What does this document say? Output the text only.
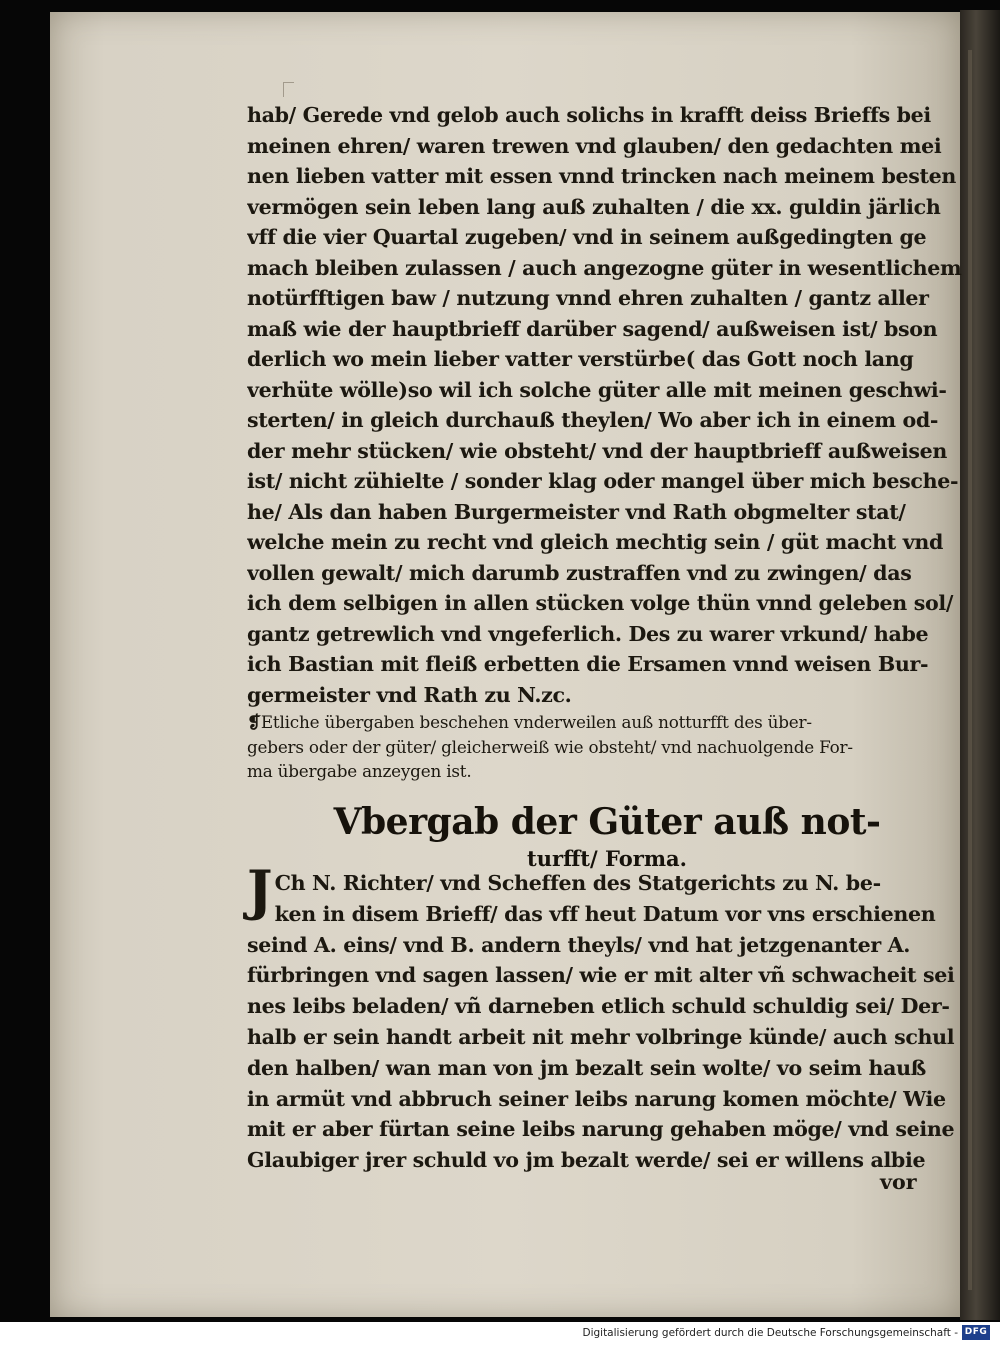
hab/ Gerede vnd gelob auch solichs in krafft deiss Brieffs bei
meinen ehren/ waren trewen vnd glauben/ den gedachten mei
nen lieben vatter mit essen vnnd trincken nach meinem besten
vermögen sein leben lang auß zuhalten / die xx. guldin järlich
vff die vier Quartal zugeben/ vnd in seinem außgedingten ge
mach bleiben zulassen / auch angezogne güter in wesentlichem
notürfftigen baw / nutzung vnnd ehren zuhalten / gantz aller
maß wie der hauptbrieff darüber sagend/ außweisen ist/ bson
derlich wo mein lieber vatter verstürbe( das Gott noch lang
verhüte wölle)so wil ich solche güter alle mit meinen geschwi-
sterten/ in gleich durchauß theylen/ Wo aber ich in einem od-
der mehr stücken/ wie obsteht/ vnd der hauptbrieff außweisen
ist/ nicht zühielte / sonder klag oder mangel über mich besche-
he/ Als dan haben Burgermeister vnd Rath obgmelter stat/
welche mein zu recht vnd gleich mechtig sein / güt macht vnd
vollen gewalt/ mich darumb zustraffen vnd zu zwingen/ das
ich dem selbigen in allen stücken volge thün vnnd geleben sol/
gantz getrewlich vnd vngeferlich. Des zu warer vrkund/ habe
ich Bastian mit fleiß erbetten die Ersamen vnnd weisen Bur-
germeister vnd Rath zu N.zc.
❡Etliche übergaben beschehen vnderweilen auß notturfft des über-
gebers oder der güter/ gleicherweiß wie obsteht/ vnd nachuolgende For-
ma übergabe anzeygen ist.
Vbergab der Güter auß not-
turfft/ Forma.
J Ch N. Richter/ vnd Scheffen des Statgerichts zu N. be-
ken in disem Brieff/ das vff heut Datum vor vns erschienen
seind A. eins/ vnd B. andern theyls/ vnd hat jetzgenanter A.
fürbringen vnd sagen lassen/ wie er mit alter vñ schwacheit sei
nes leibs beladen/ vñ darneben etlich schuld schuldig sei/ Der-
halb er sein handt arbeit nit mehr volbringe künde/ auch schul
den halben/ wan man von jm bezalt sein wolte/ vo seim hauß
in armüt vnd abbruch seiner leibs narung komen möchte/ Wie
mit er aber fürtan seine leibs narung gehaben möge/ vnd seine
Glaubiger jrer schuld vo jm bezalt werde/ sei er willens albie
vor
Digitalisierung gefördert durch die Deutsche Forschungsgemeinschaft - DFG
